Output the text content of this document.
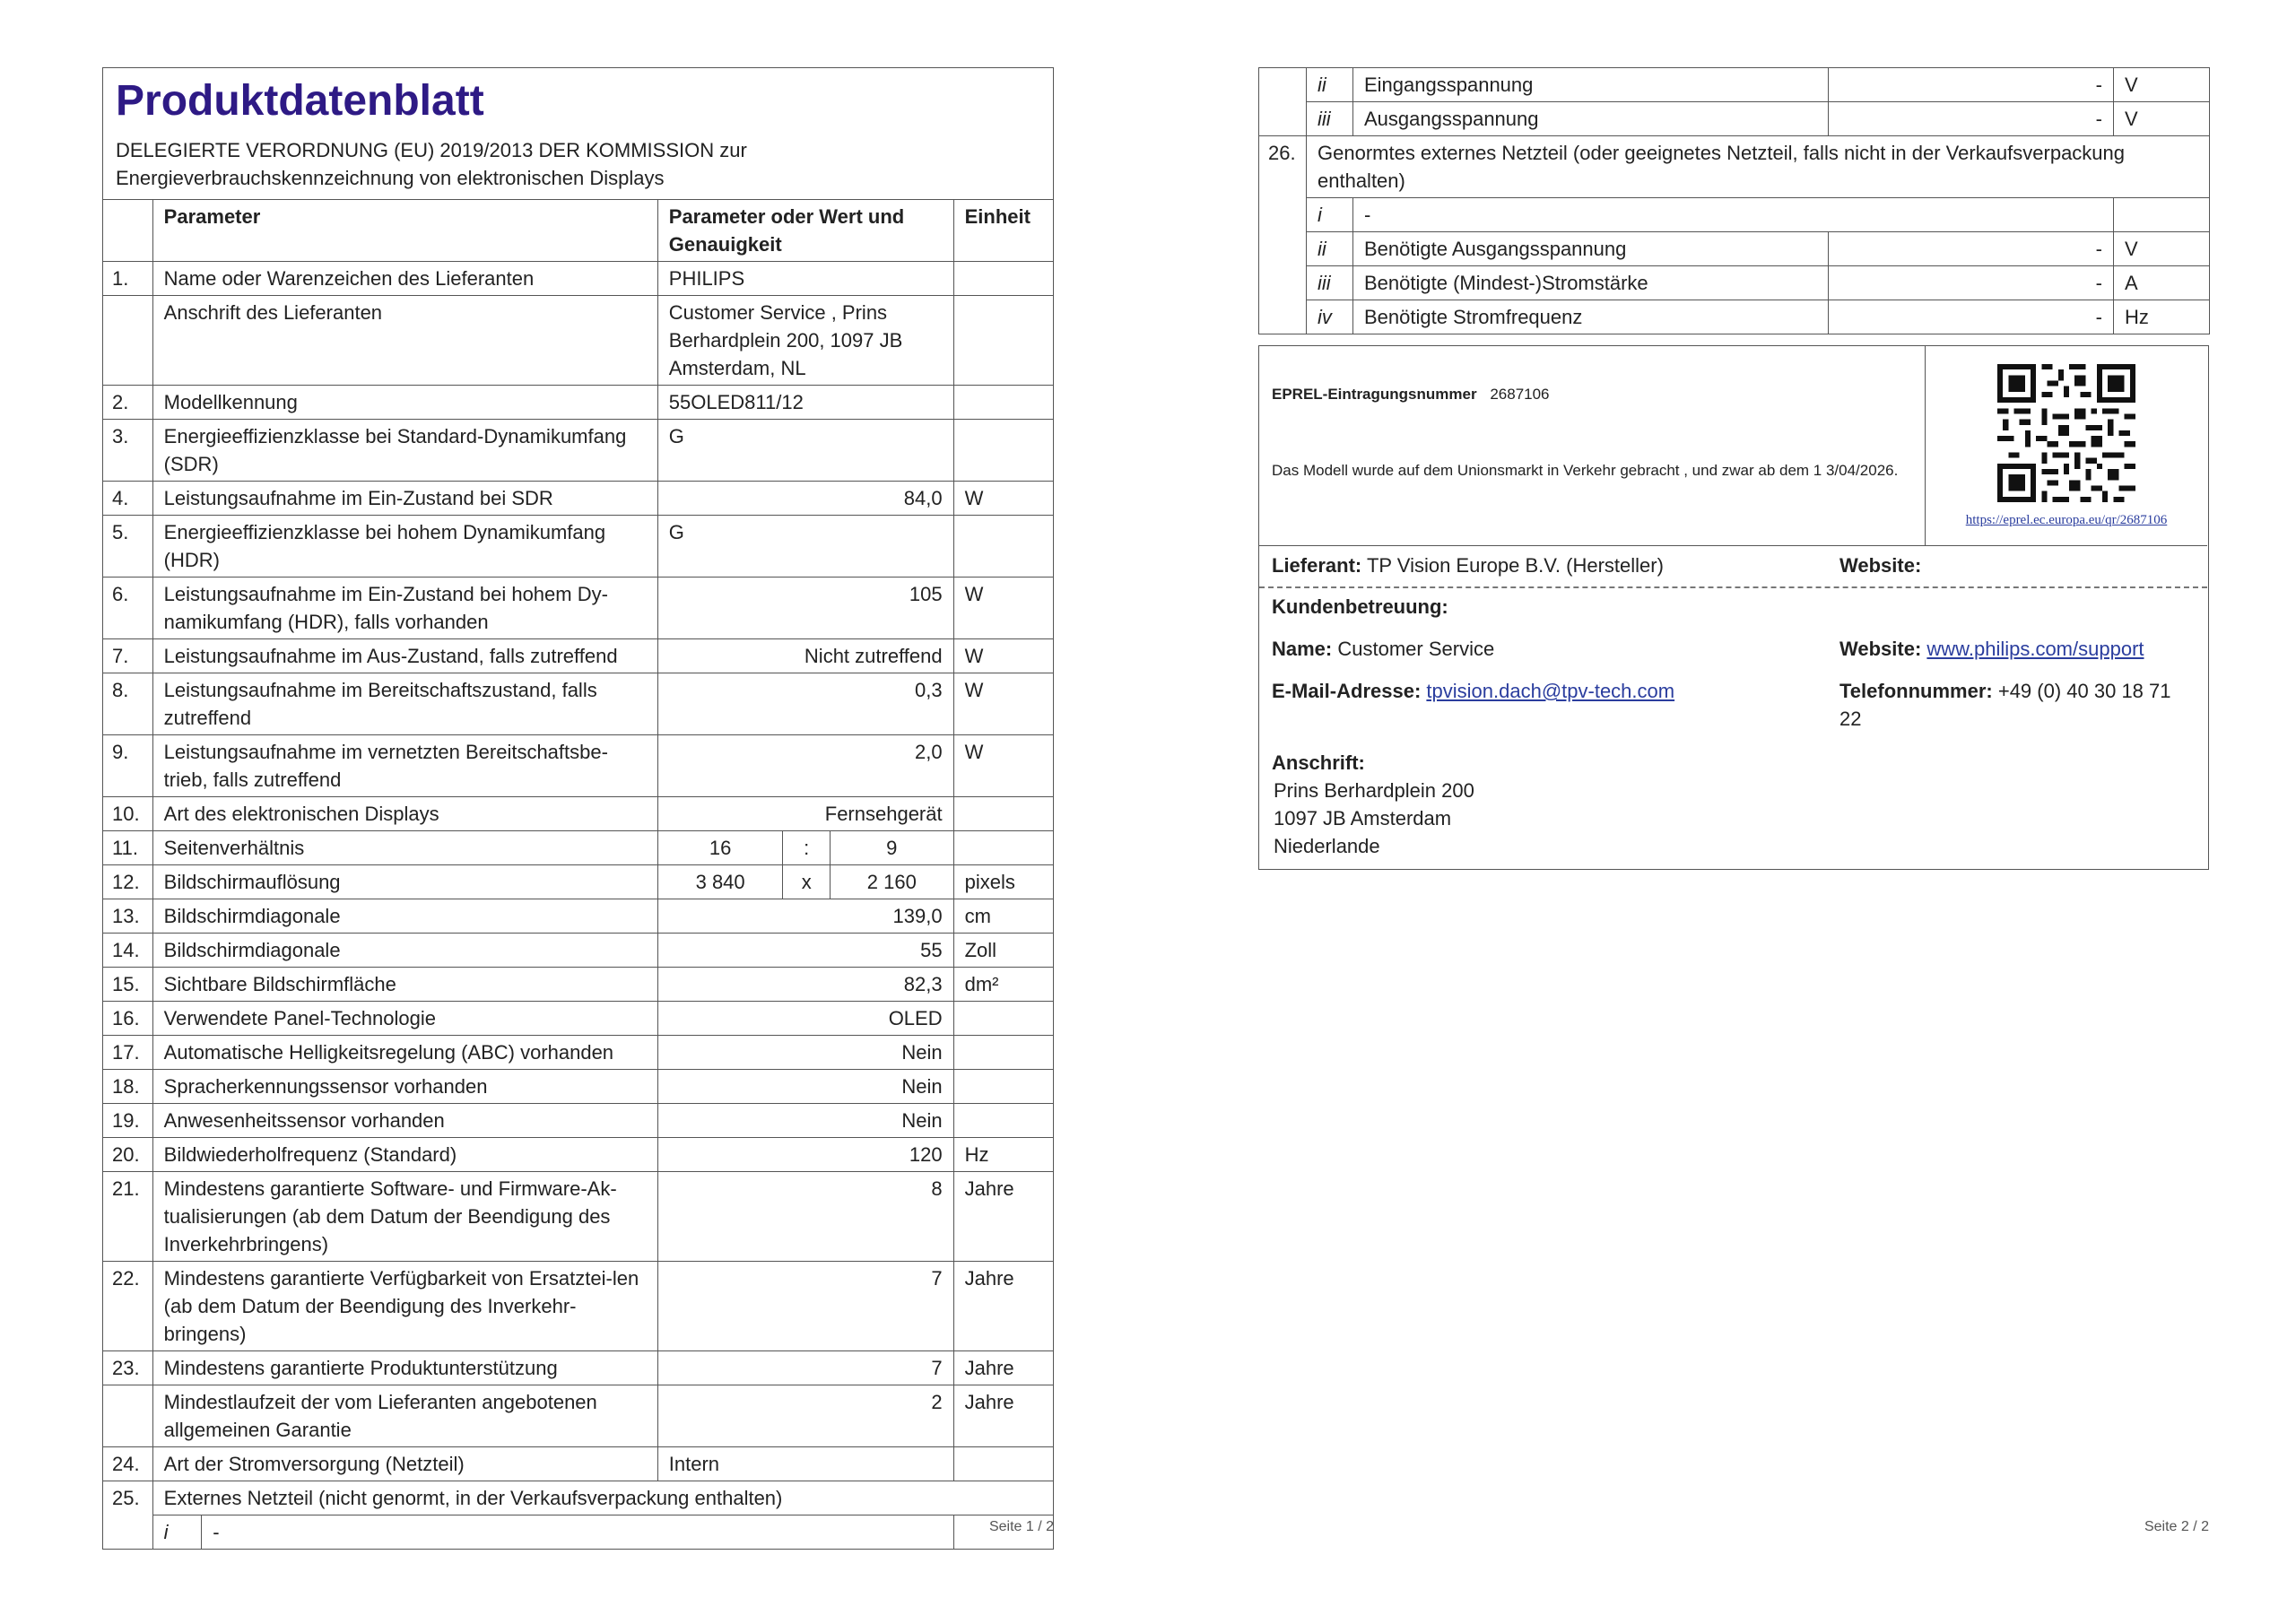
Produktdatenblatt
DELEGIERTE VERORDNUNG (EU) 2019/2013 DER KOMMISSION zur
Energieverbrauchskennzeichnung von elektronischen Displays
	Parameter		Parameter oder Wert und Genauigkeit			Einheit
1.	Name oder Warenzeichen des Lieferanten		PHILIPS			
	Anschrift des Lieferanten		Customer Service , Prins Berhardplein 200, 1097 JB Amsterdam, NL			
2.	Modellkennung		55OLED811/12			
3.	Energieeffizienzklasse bei Standard-Dynamikumfang (SDR)		G			
4.	Leistungsaufnahme im Ein-Zustand bei SDR		84,0			W
5.	Energieeffizienzklasse bei hohem Dynamikumfang (HDR)		G			
6.	Leistungsaufnahme im Ein-Zustand bei hohem Dy-namikumfang (HDR), falls vorhanden		105			W
7.	Leistungsaufnahme im Aus-Zustand, falls zutreffend		Nicht zutreffend			W
8.	Leistungsaufnahme im Bereitschaftszustand, falls zutreffend		0,3			W
9.	Leistungsaufnahme im vernetzten Bereitschaftsbe-trieb, falls zutreffend		2,0			W
10.	Art des elektronischen Displays		Fernsehgerät			
11.	Seitenverhältnis		16	:	9	
12.	Bildschirmauflösung		3 840	x	2 160	pixels
13.	Bildschirmdiagonale		139,0			cm
14.	Bildschirmdiagonale		55			Zoll
15.	Sichtbare Bildschirmfläche		82,3			dm²
16.	Verwendete Panel-Technologie		OLED			
17.	Automatische Helligkeitsregelung (ABC) vorhanden		Nein			
18.	Spracherkennungssensor vorhanden		Nein			
19.	Anwesenheitssensor vorhanden		Nein			
20.	Bildwiederholfrequenz (Standard)		120			Hz
21.	Mindestens garantierte Software- und Firmware-Ak-tualisierungen (ab dem Datum der Beendigung des Inverkehrbringens)		8			Jahre
22.	Mindestens garantierte Verfügbarkeit von Ersatztei-len (ab dem Datum der Beendigung des Inverkehr-bringens)		7			Jahre
23.	Mindestens garantierte Produktunterstützung		7			Jahre
	Mindestlaufzeit der vom Lieferanten angebotenen allgemeinen Garantie		2			Jahre
24.	Art der Stromversorgung (Netzteil)		Intern			
25.	Externes Netzteil (nicht genormt, in der Verkaufsverpackung enthalten)					
	i	-					Seite 1 / 2
	ii	Eingangsspannung	-	V
	iii	Ausgangsspannung	-	V
26.	Genormtes externes Netzteil (oder geeignetes Netzteil, falls nicht in der Verkaufsverpackung enthalten)			
	i	-		
	ii	Benötigte Ausgangsspannung	-	V
	iii	Benötigte (Mindest-)Stromstärke	-	A
	iv	Benötigte Stromfrequenz	-	Hz
EPREL-Eintragungsnummer 2687106
Das Modell wurde auf dem Unionsmarkt in Verkehr gebracht , und zwar ab dem 1 3/04/2026.
https://eprel.ec.europa.eu/qr/2687106
Lieferant: TP Vision Europe B.V. (Hersteller)	Website:
Kundenbetreuung:
Name: Customer Service	Website: www.philips.com/support
E-Mail-Adresse: tpvision.dach@tpv-tech.com	Telefonnummer: +49 (0) 40 30 18 71 22
Anschrift:
Prins Berhardplein 200
1097 JB Amsterdam
Niederlande
Seite 2 / 2
